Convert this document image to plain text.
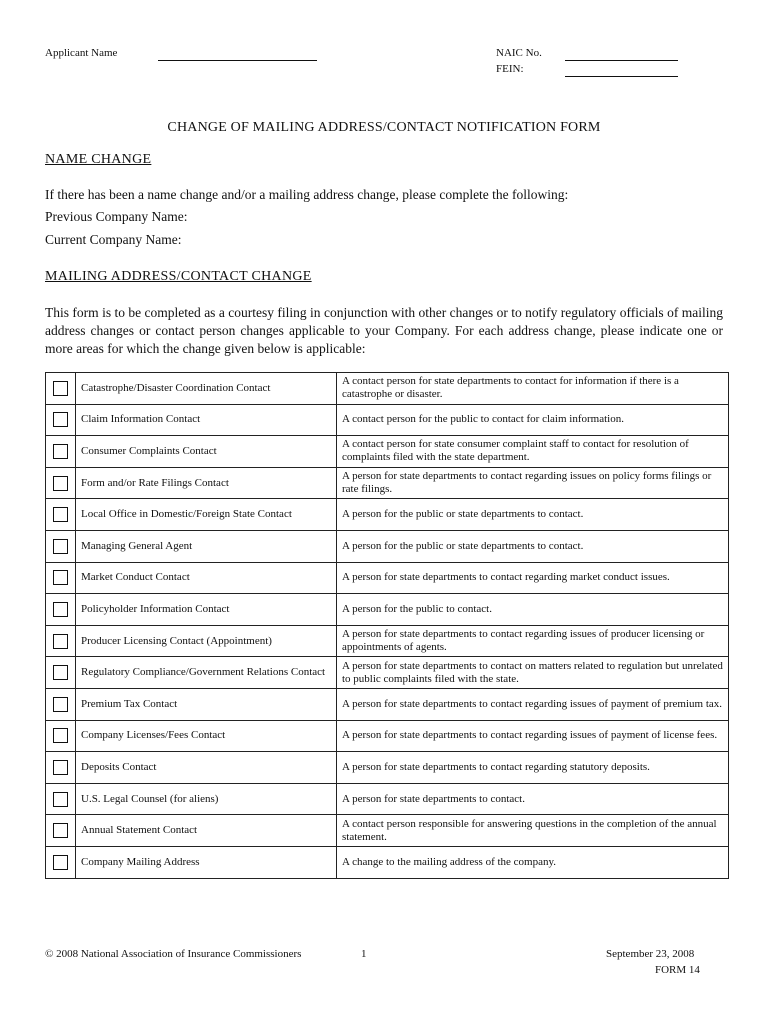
Applicant Name	NAIC No.
FEIN:
CHANGE OF MAILING ADDRESS/CONTACT NOTIFICATION FORM
NAME CHANGE
If there has been a name change and/or a mailing address change, please complete the following:
Previous Company Name:
Current Company Name:
MAILING ADDRESS/CONTACT CHANGE
This form is to be completed as a courtesy filing in conjunction with other changes or to notify regulatory officials of mailing address changes or contact person changes applicable to your Company. For each address change, please indicate one or more areas for which the change given below is applicable:
	Catastrophe/Disaster Coordination Contact	A contact person for state departments to contact for information if there is a catastrophe or disaster.
	Claim Information Contact	A contact person for the public to contact for claim information.
	Consumer Complaints Contact	A contact person for state consumer complaint staff to contact for resolution of complaints filed with the state department.
	Form and/or Rate Filings Contact	A person for state departments to contact regarding issues on policy forms filings or rate filings.
	Local Office in Domestic/Foreign State Contact	A person for the public or state departments to contact.
	Managing General Agent	A person for the public or state departments to contact.
	Market Conduct Contact	A person for state departments to contact regarding market conduct issues.
	Policyholder Information Contact	A person for the public to contact.
	Producer Licensing Contact (Appointment)	A person for state departments to contact regarding issues of producer licensing or appointments of agents.
	Regulatory Compliance/Government Relations Contact	A person for state departments to contact on matters related to regulation but unrelated to public complaints filed with the state.
	Premium Tax Contact	A person for state departments to contact regarding issues of payment of premium tax.
	Company Licenses/Fees Contact	A person for state departments to contact regarding issues of payment of license fees.
	Deposits Contact	A person for state departments to contact regarding statutory deposits.
	U.S. Legal Counsel (for aliens)	A person for state departments to contact.
	Annual Statement Contact	A contact person responsible for answering questions in the completion of the annual statement.
	Company Mailing Address	A change to the mailing address of the company.
© 2008 National Association of Insurance Commissioners	1	September 23, 2008
FORM 14
